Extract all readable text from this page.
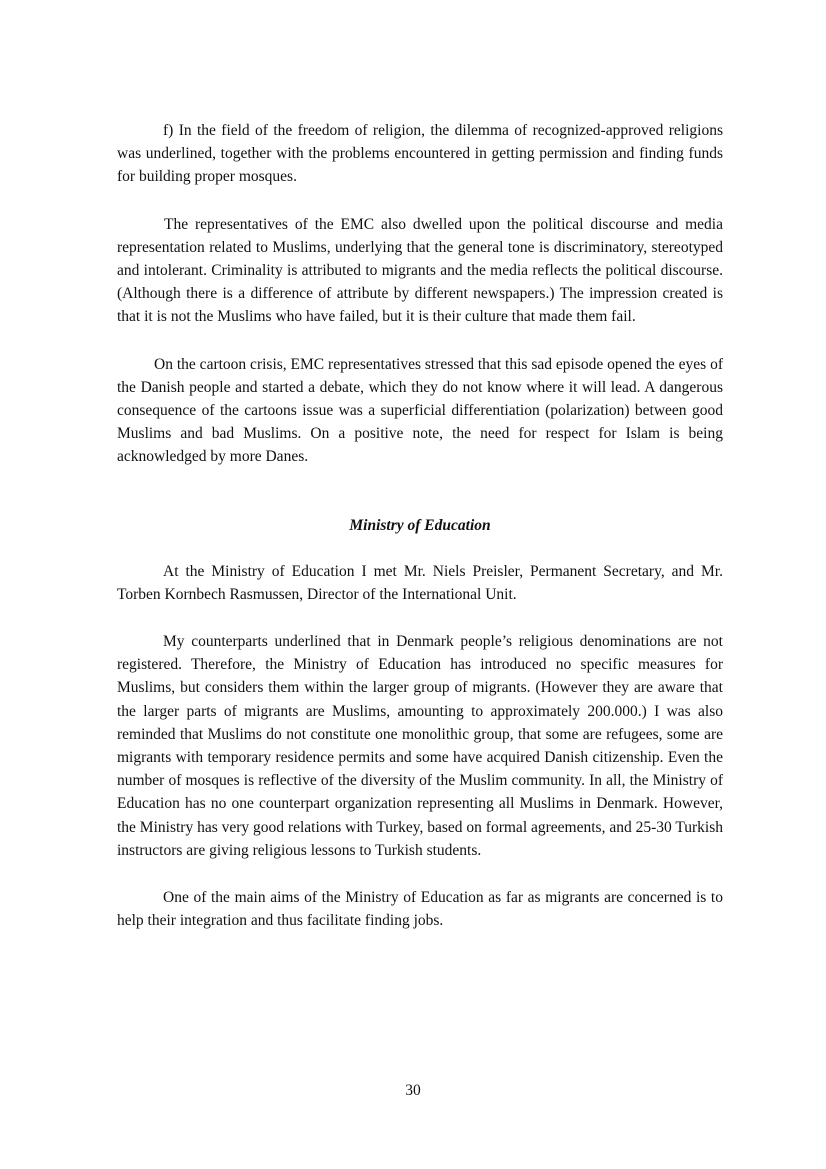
f) In the field of the freedom of religion, the dilemma of recognized-approved religions was underlined, together with the problems encountered in getting permission and finding funds for building proper mosques.

The representatives of the EMC also dwelled upon the political discourse and media representation related to Muslims, underlying that the general tone is discriminatory, stereotyped and intolerant. Criminality is attributed to migrants and the media reflects the political discourse. (Although there is a difference of attribute by different newspapers.) The impression created is that it is not the Muslims who have failed, but it is their culture that made them fail.

On the cartoon crisis, EMC representatives stressed that this sad episode opened the eyes of the Danish people and started a debate, which they do not know where it will lead. A dangerous consequence of the cartoons issue was a superficial differentiation (polarization) between good Muslims and bad Muslims. On a positive note, the need for respect for Islam is being acknowledged by more Danes.

Ministry of Education

At the Ministry of Education I met Mr. Niels Preisler, Permanent Secretary, and Mr. Torben Kornbech Rasmussen, Director of the International Unit.

My counterparts underlined that in Denmark people’s religious denominations are not registered. Therefore, the Ministry of Education has introduced no specific measures for Muslims, but considers them within the larger group of migrants. (However they are aware that the larger parts of migrants are Muslims, amounting to approximately 200.000.) I was also reminded that Muslims do not constitute one monolithic group, that some are refugees, some are migrants with temporary residence permits and some have acquired Danish citizenship. Even the number of mosques is reflective of the diversity of the Muslim community. In all, the Ministry of Education has no one counterpart organization representing all Muslims in Denmark. However, the Ministry has very good relations with Turkey, based on formal agreements, and 25-30 Turkish instructors are giving religious lessons to Turkish students.

One of the main aims of the Ministry of Education as far as migrants are concerned is to help their integration and thus facilitate finding jobs.

30
